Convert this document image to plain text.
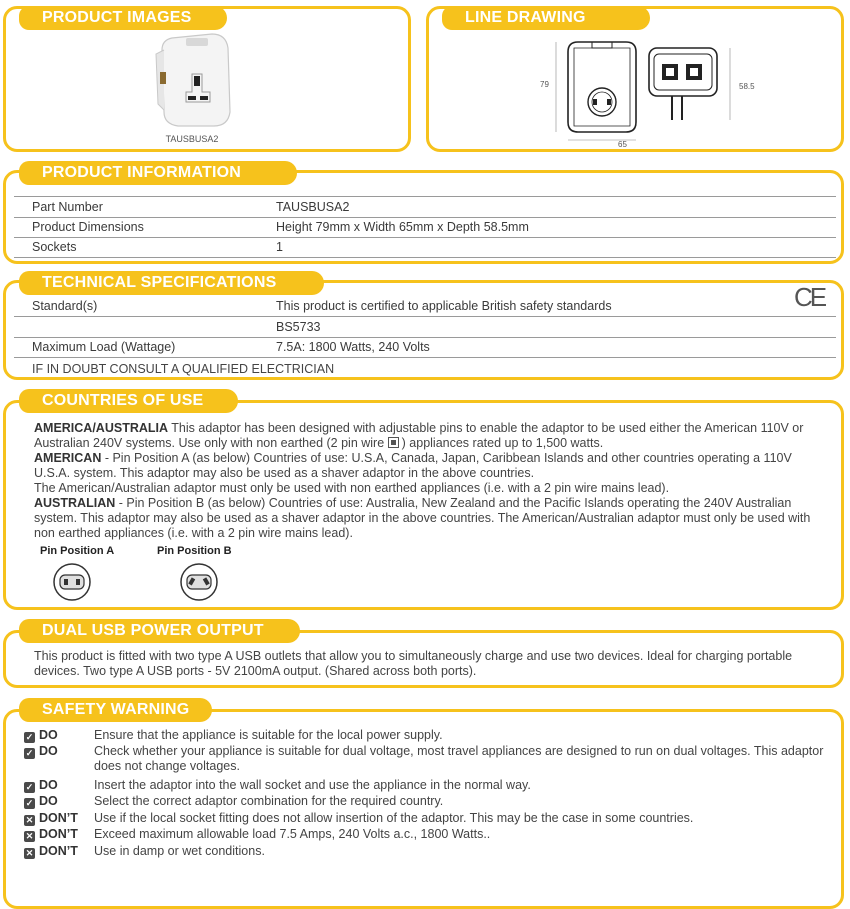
PRODUCT IMAGES
TAUSBUSA2
LINE DRAWING
79
65
58.5
PRODUCT INFORMATION
Part Number	TAUSBUSA2
Product Dimensions	Height 79mm x Width 65mm x Depth 58.5mm
Sockets	1
TECHNICAL SPECIFICATIONS
Standard(s)	This product is certified to applicable British safety standards
BS5733
Maximum Load (Wattage)	7.5A: 1800 Watts, 240 Volts
IF IN DOUBT CONSULT A QUALIFIED ELECTRICIAN
CE
COUNTRIES OF USE
AMERICA/AUSTRALIA This adaptor has been designed with adjustable pins to enable the adaptor to be used either the American 110V or Australian 240V systems. Use only with non earthed (2 pin wire
) appliances rated up to 1,500 watts.
AMERICAN - Pin Position A (as below) Countries of use: U.S.A, Canada, Japan, Caribbean Islands and other countries operating a 110V U.S.A. system. This adaptor may also be used as a shaver adaptor in the above countries.
The American/Australian adaptor must only be used with non earthed appliances (i.e. with a 2 pin wire mains lead).
AUSTRALIAN - Pin Position B (as below) Countries of use: Australia, New Zealand and the Pacific Islands operating the 240V Australian system. This adaptor may also be used as a shaver adaptor in the above countries. The American/Australian adaptor must only be used with non earthed appliances (i.e. with a 2 pin wire mains lead).
Pin Position A	Pin Position B
DUAL USB POWER OUTPUT
This product is fitted with two type A USB outlets that allow you to simultaneously charge and use two devices. Ideal for charging portable devices. Two type A USB ports - 5V 2100mA output. (Shared across both ports).
SAFETY WARNING
✓ DO	Ensure that the appliance is suitable for the local power supply.
✓ DO	Check whether your appliance is suitable for dual voltage, most travel appliances are designed to run on dual voltages. This adaptor does not change voltages.
✓ DO	Insert the adaptor into the wall socket and use the appliance in the normal way.
✓ DO	Select the correct adaptor combination for the required country.
✕ DON’T	Use if the local socket fitting does not allow insertion of the adaptor. This may be the case in some countries.
✕ DON’T	Exceed maximum allowable load 7.5 Amps, 240 Volts a.c., 1800 Watts..
✕ DON’T	Use in damp or wet conditions.
